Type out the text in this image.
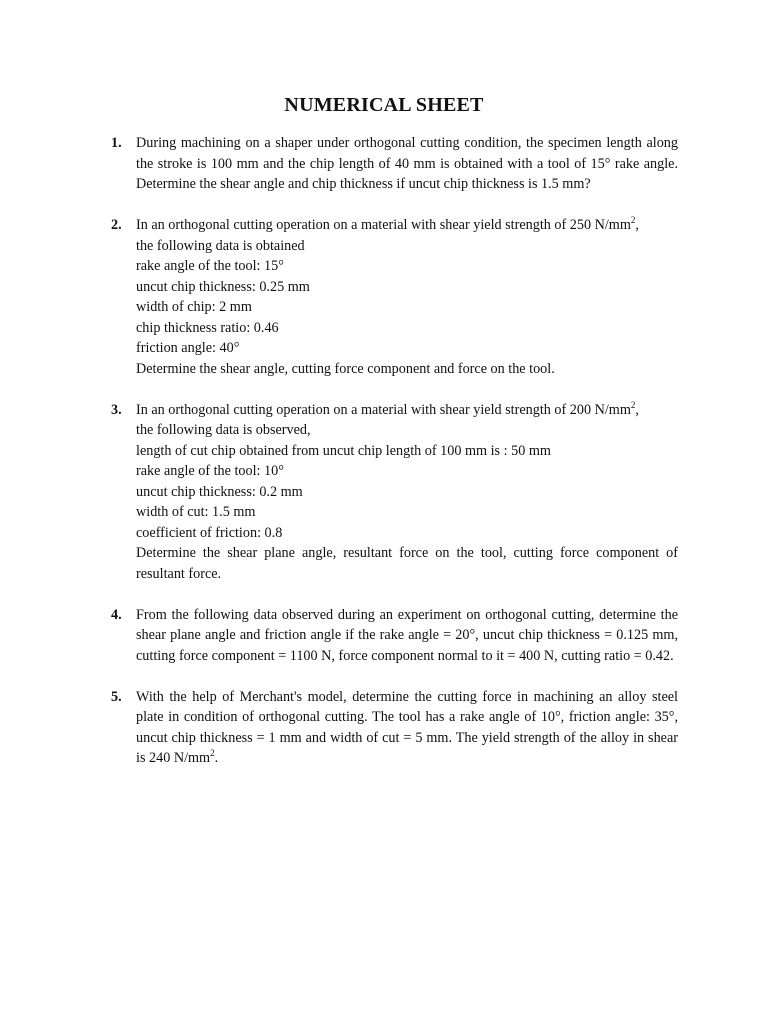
NUMERICAL SHEET
1. During machining on a shaper under orthogonal cutting condition, the specimen length along the stroke is 100 mm and the chip length of 40 mm is obtained with a tool of 15° rake angle. Determine the shear angle and chip thickness if uncut chip thickness is 1.5 mm?
2. In an orthogonal cutting operation on a material with shear yield strength of 250 $N/mm^2$,
the following data is obtained
rake angle of the tool: 15°
uncut chip thickness: 0.25 mm
width of chip: 2 mm
chip thickness ratio: 0.46
friction angle: 40°
Determine the shear angle, cutting force component and force on the tool.
3. In an orthogonal cutting operation on a material with shear yield strength of 200 $N/mm^2$,
the following data is observed,
length of cut chip obtained from uncut chip length of 100 mm is : 50 mm
rake angle of the tool: 10°
uncut chip thickness: 0.2 mm
width of cut: 1.5 mm
coefficient of friction: 0.8
Determine the shear plane angle, resultant force on the tool, cutting force component of resultant force.
4. From the following data observed during an experiment on orthogonal cutting, determine the shear plane angle and friction angle if the rake angle = 20°, uncut chip thickness = 0.125 mm, cutting force component = 1100 N, force component normal to it = 400 N, cutting ratio = 0.42.
5. With the help of Merchant's model, determine the cutting force in machining an alloy steel plate in condition of orthogonal cutting. The tool has a rake angle of 10°, friction angle: 35°, uncut chip thickness = 1 mm and width of cut = 5 mm. The yield strength of the alloy in shear is 240 $N/mm^2$.
